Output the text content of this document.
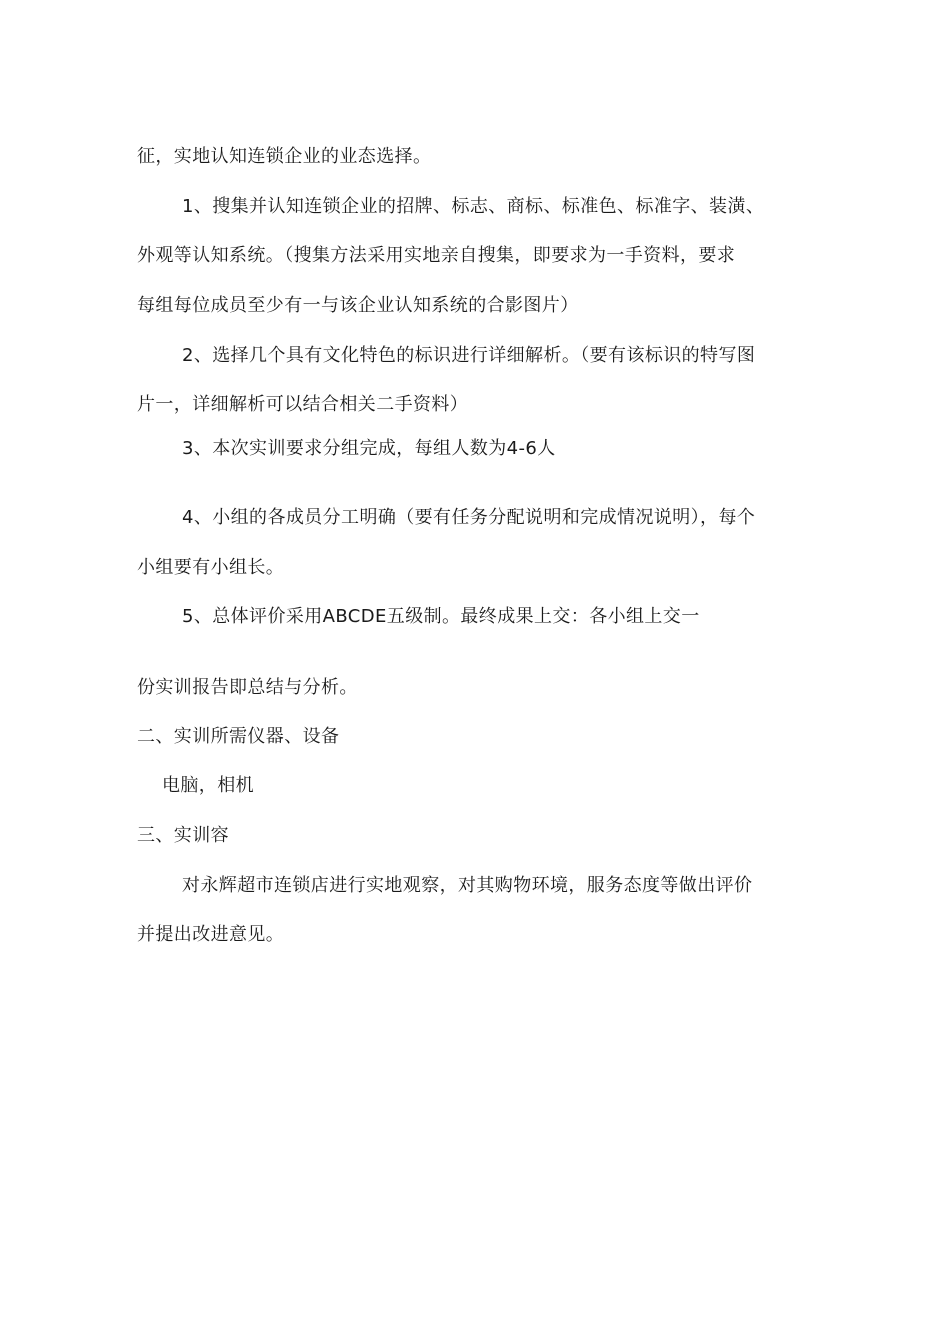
征，实地认知连锁企业的业态选择。
1、搜集并认知连锁企业的招牌、标志、商标、标准色、标准字、装潢、
外观等认知系统。（搜集方法采用实地亲自搜集，即要求为一手资料，要求
每组每位成员至少有一与该企业认知系统的合影图片）
2、选择几个具有文化特色的标识进行详细解析。（要有该标识的特写图
片一，详细解析可以结合相关二手资料）
3、本次实训要求分组完成，每组人数为4-6人
4、小组的各成员分工明确（要有任务分配说明和完成情况说明），每个
小组要有小组长。
5、总体评价采用ABCDE五级制。最终成果上交：各小组上交一
份实训报告即总结与分析。
二、实训所需仪器、设备
电脑，相机
三、实训容
对永辉超市连锁店进行实地观察，对其购物环境，服务态度等做出评价
并提出改进意见。
